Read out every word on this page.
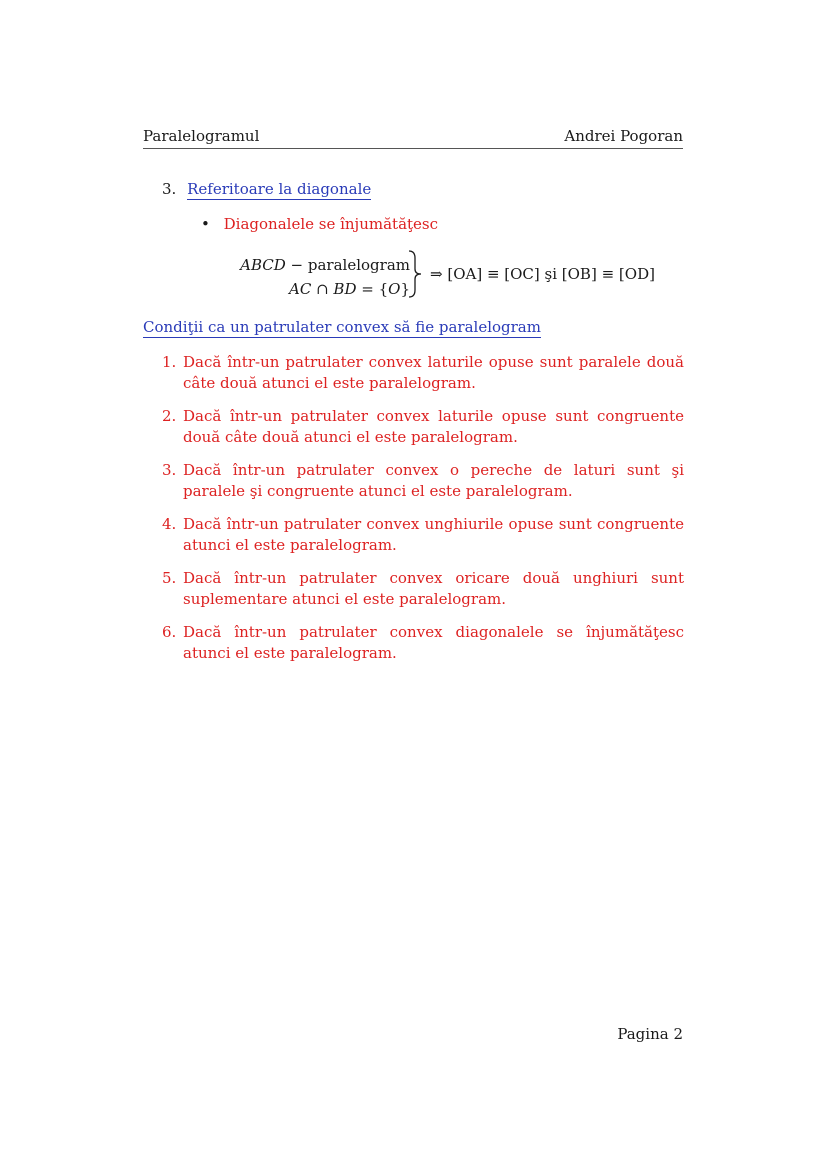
Paralelogramul	Andrei Pogoran
3. Referitoare la diagonale
• Diagonalele se înjumătăţesc
ABCD − paralelogram
AC ∩ BD = {O}
⇒ [OA] ≡ [OC] şi [OB] ≡ [OD]
Condiţii ca un patrulater convex să fie paralelogram
1. Dacă într-un patrulater convex laturile opuse sunt paralele două câte două atunci el este paralelogram.
2. Dacă într-un patrulater convex laturile opuse sunt congruente două câte două atunci el este paralelogram.
3. Dacă într-un patrulater convex o pereche de laturi sunt şi paralele şi congruente atunci el este paralelogram.
4. Dacă într-un patrulater convex unghiurile opuse sunt congruente atunci el este paralelogram.
5. Dacă într-un patrulater convex oricare două unghiuri sunt suplementare atunci el este paralelogram.
6. Dacă într-un patrulater convex diagonalele se înjumătăţesc atunci el este paralelogram.
Pagina 2
